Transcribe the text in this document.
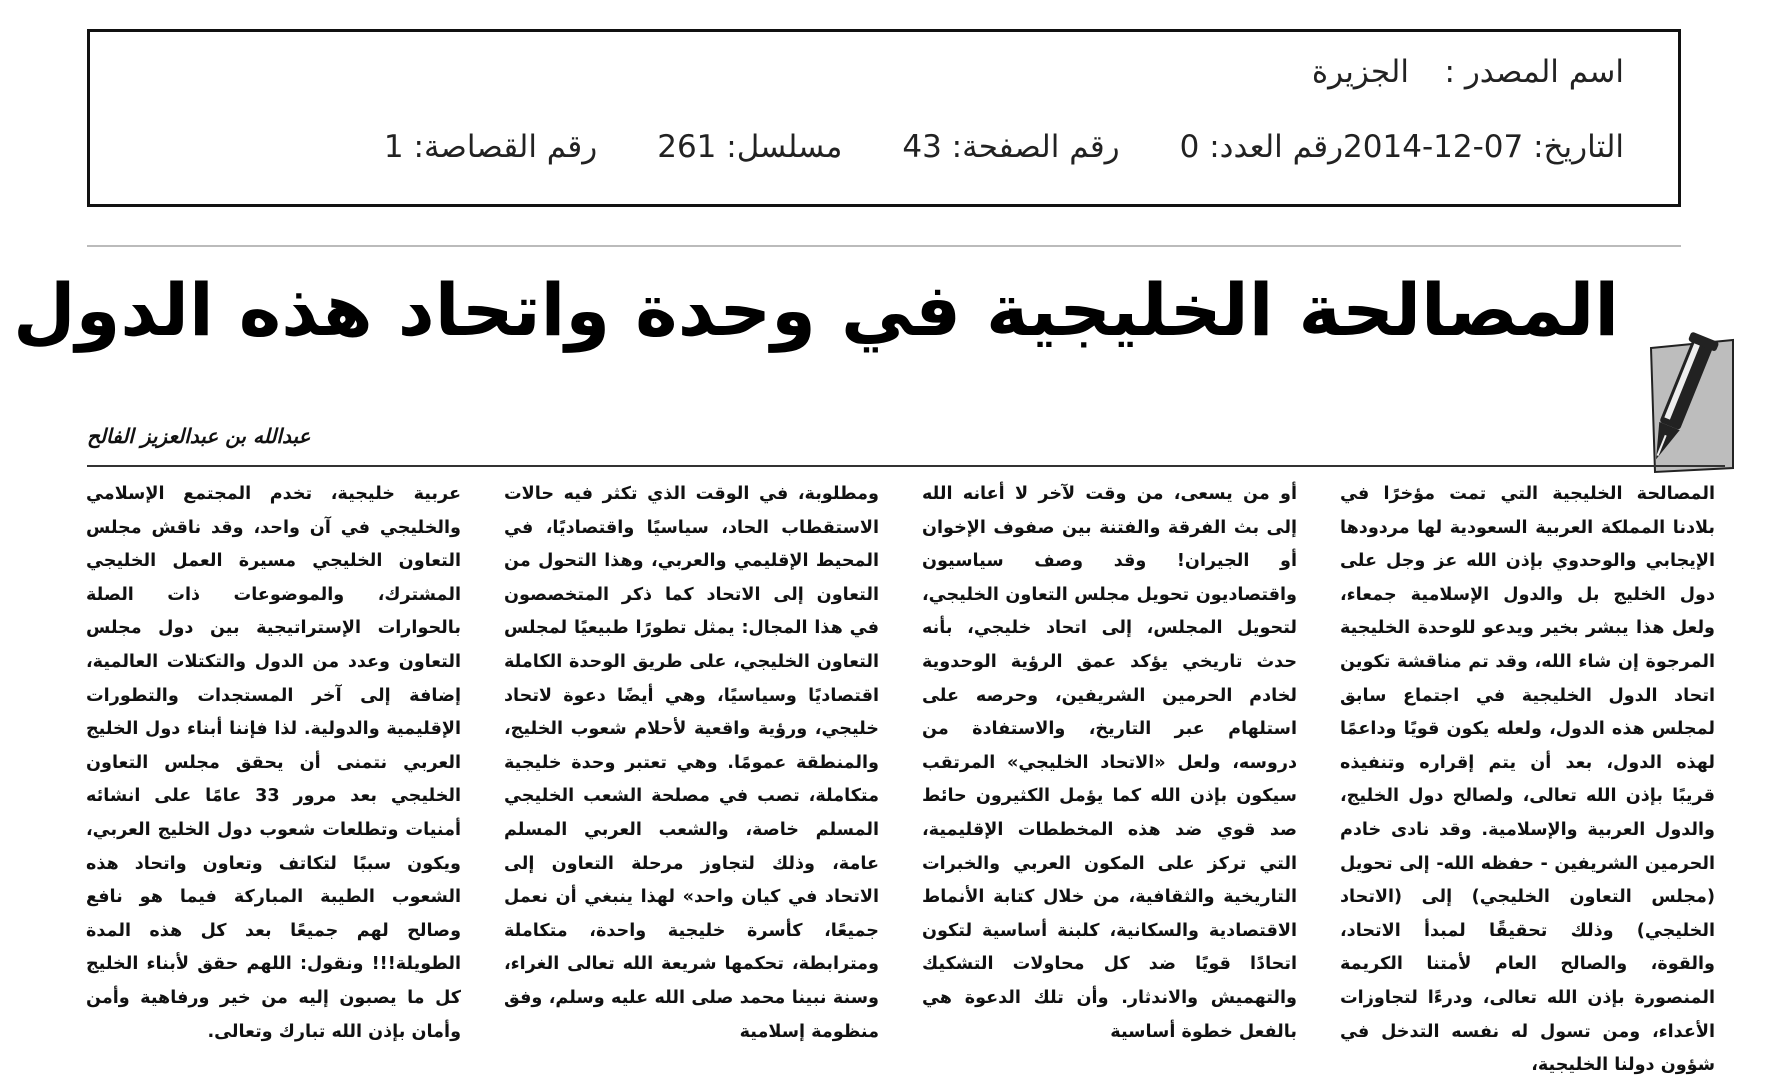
اسم المصدر :الجزيرة
التاريخ: 07-12-2014رقم العدد: 0رقم الصفحة: 43مسلسل: 261رقم القصاصة: 1
المصالحة الخليجية في وحدة واتحاد هذه الدول
عبدالله بن عبدالعزيز الفالح

المصالحة الخليجية التي تمت مؤخرًا في بلادنا المملكة العربية السعودية لها مردودها الإيجابي والوحدوي بإذن الله عز وجل على دول الخليج بل والدول الإسلامية جمعاء، ولعل هذا يبشر بخير ويدعو للوحدة الخليجية المرجوة إن شاء الله، وقد تم مناقشة تكوين اتحاد الدول الخليجية في اجتماع سابق لمجلس هذه الدول، ولعله يكون قويًا وداعمًا لهذه الدول، بعد أن يتم إقراره وتنفيذه قريبًا بإذن الله تعالى، ولصالح دول الخليج، والدول العربية والإسلامية. وقد نادى خادم الحرمين الشريفين - حفظه الله- إلى تحويل (مجلس التعاون الخليجي) إلى (الاتحاد الخليجي) وذلك تحقيقًا لمبدأ الاتحاد، والقوة، والصالح العام لأمتنا الكريمة المنصورة بإذن الله تعالى، ودرءًا لتجاوزات الأعداء، ومن تسول له نفسه التدخل في شؤون دولنا الخليجية،

أو من يسعى، من وقت لآخر لا أعانه الله إلى بث الفرقة والفتنة بين صفوف الإخوان أو الجيران! وقد وصف سياسيون واقتصاديون تحويل مجلس التعاون الخليجي، لتحويل المجلس، إلى اتحاد خليجي، بأنه حدث تاريخي يؤكد عمق الرؤية الوحدوية لخادم الحرمين الشريفين، وحرصه على استلهام عبر التاريخ، والاستفادة من دروسه، ولعل «الاتحاد الخليجي» المرتقب سيكون بإذن الله كما يؤمل الكثيرون حائط صد قوي ضد هذه المخططات الإقليمية، التي تركز على المكون العربي والخبرات التاريخية والثقافية، من خلال كتابة الأنماط الاقتصادية والسكانية، كلبنة أساسية لتكون اتحادًا قويًا ضد كل محاولات التشكيك والتهميش والاندثار. وأن تلك الدعوة هي بالفعل خطوة أساسية

ومطلوبة، في الوقت الذي تكثر فيه حالات الاستقطاب الحاد، سياسيًا واقتصاديًا، في المحيط الإقليمي والعربي، وهذا التحول من التعاون إلى الاتحاد كما ذكر المتخصصون في هذا المجال: يمثل تطورًا طبيعيًا لمجلس التعاون الخليجي، على طريق الوحدة الكاملة اقتصاديًا وسياسيًا، وهي أيضًا دعوة لاتحاد خليجي، ورؤية واقعية لأحلام شعوب الخليج، والمنطقة عمومًا. وهي تعتبر وحدة خليجية متكاملة، تصب في مصلحة الشعب الخليجي المسلم خاصة، والشعب العربي المسلم عامة، وذلك لتجاوز مرحلة التعاون إلى الاتحاد في كيان واحد» لهذا ينبغي أن نعمل جميعًا، كأسرة خليجية واحدة، متكاملة ومترابطة، تحكمها شريعة الله تعالى الغراء، وسنة نبينا محمد صلى الله عليه وسلم، وفق منظومة إسلامية

عربية خليجية، تخدم المجتمع الإسلامي والخليجي في آن واحد، وقد ناقش مجلس التعاون الخليجي مسيرة العمل الخليجي المشترك، والموضوعات ذات الصلة بالحوارات الإستراتيجية بين دول مجلس التعاون وعدد من الدول والتكتلات العالمية، إضافة إلى آخر المستجدات والتطورات الإقليمية والدولية. لذا فإننا أبناء دول الخليج العربي نتمنى أن يحقق مجلس التعاون الخليجي بعد مرور 33 عامًا على انشائه أمنيات وتطلعات شعوب دول الخليج العربي، ويكون سببًا لتكاتف وتعاون واتحاد هذه الشعوب الطيبة المباركة فيما هو نافع وصالح لهم جميعًا بعد كل هذه المدة الطويلة!!! ونقول: اللهم حقق لأبناء الخليج كل ما يصبون إليه من خير ورفاهية وأمن وأمان بإذن الله تبارك وتعالى.
